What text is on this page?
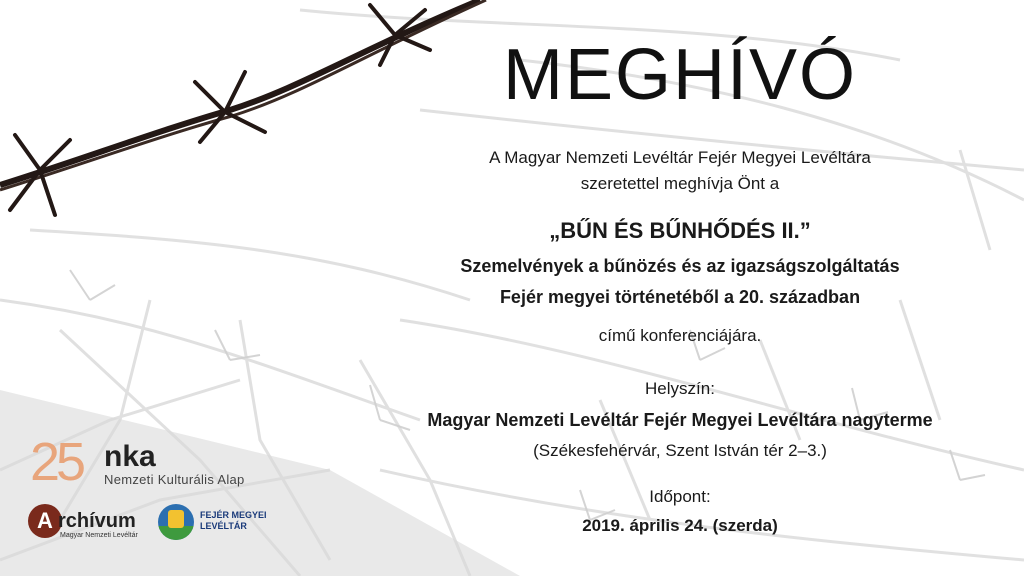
MEGHÍVÓ
A Magyar Nemzeti Levéltár Fejér Megyei Levéltára
szeretettel meghívja Önt a
„BŰN ÉS BŰNHŐDÉS II.”
Szemelvények a bűnözés és az igazságszolgáltatás
Fejér megyei történetéből a 20. században
című konferenciájára.
Helyszín:
Magyar Nemzeti Levéltár Fejér Megyei Levéltára nagyterme
(Székesfehérvár, Szent István tér 2–3.)
Időpont:
2019. április 24. (szerda)
25 nka
Nemzeti Kulturális Alap
A rchívum
Magyar Nemzeti Levéltár
FEJÉR MEGYEI
LEVÉLTÁR
